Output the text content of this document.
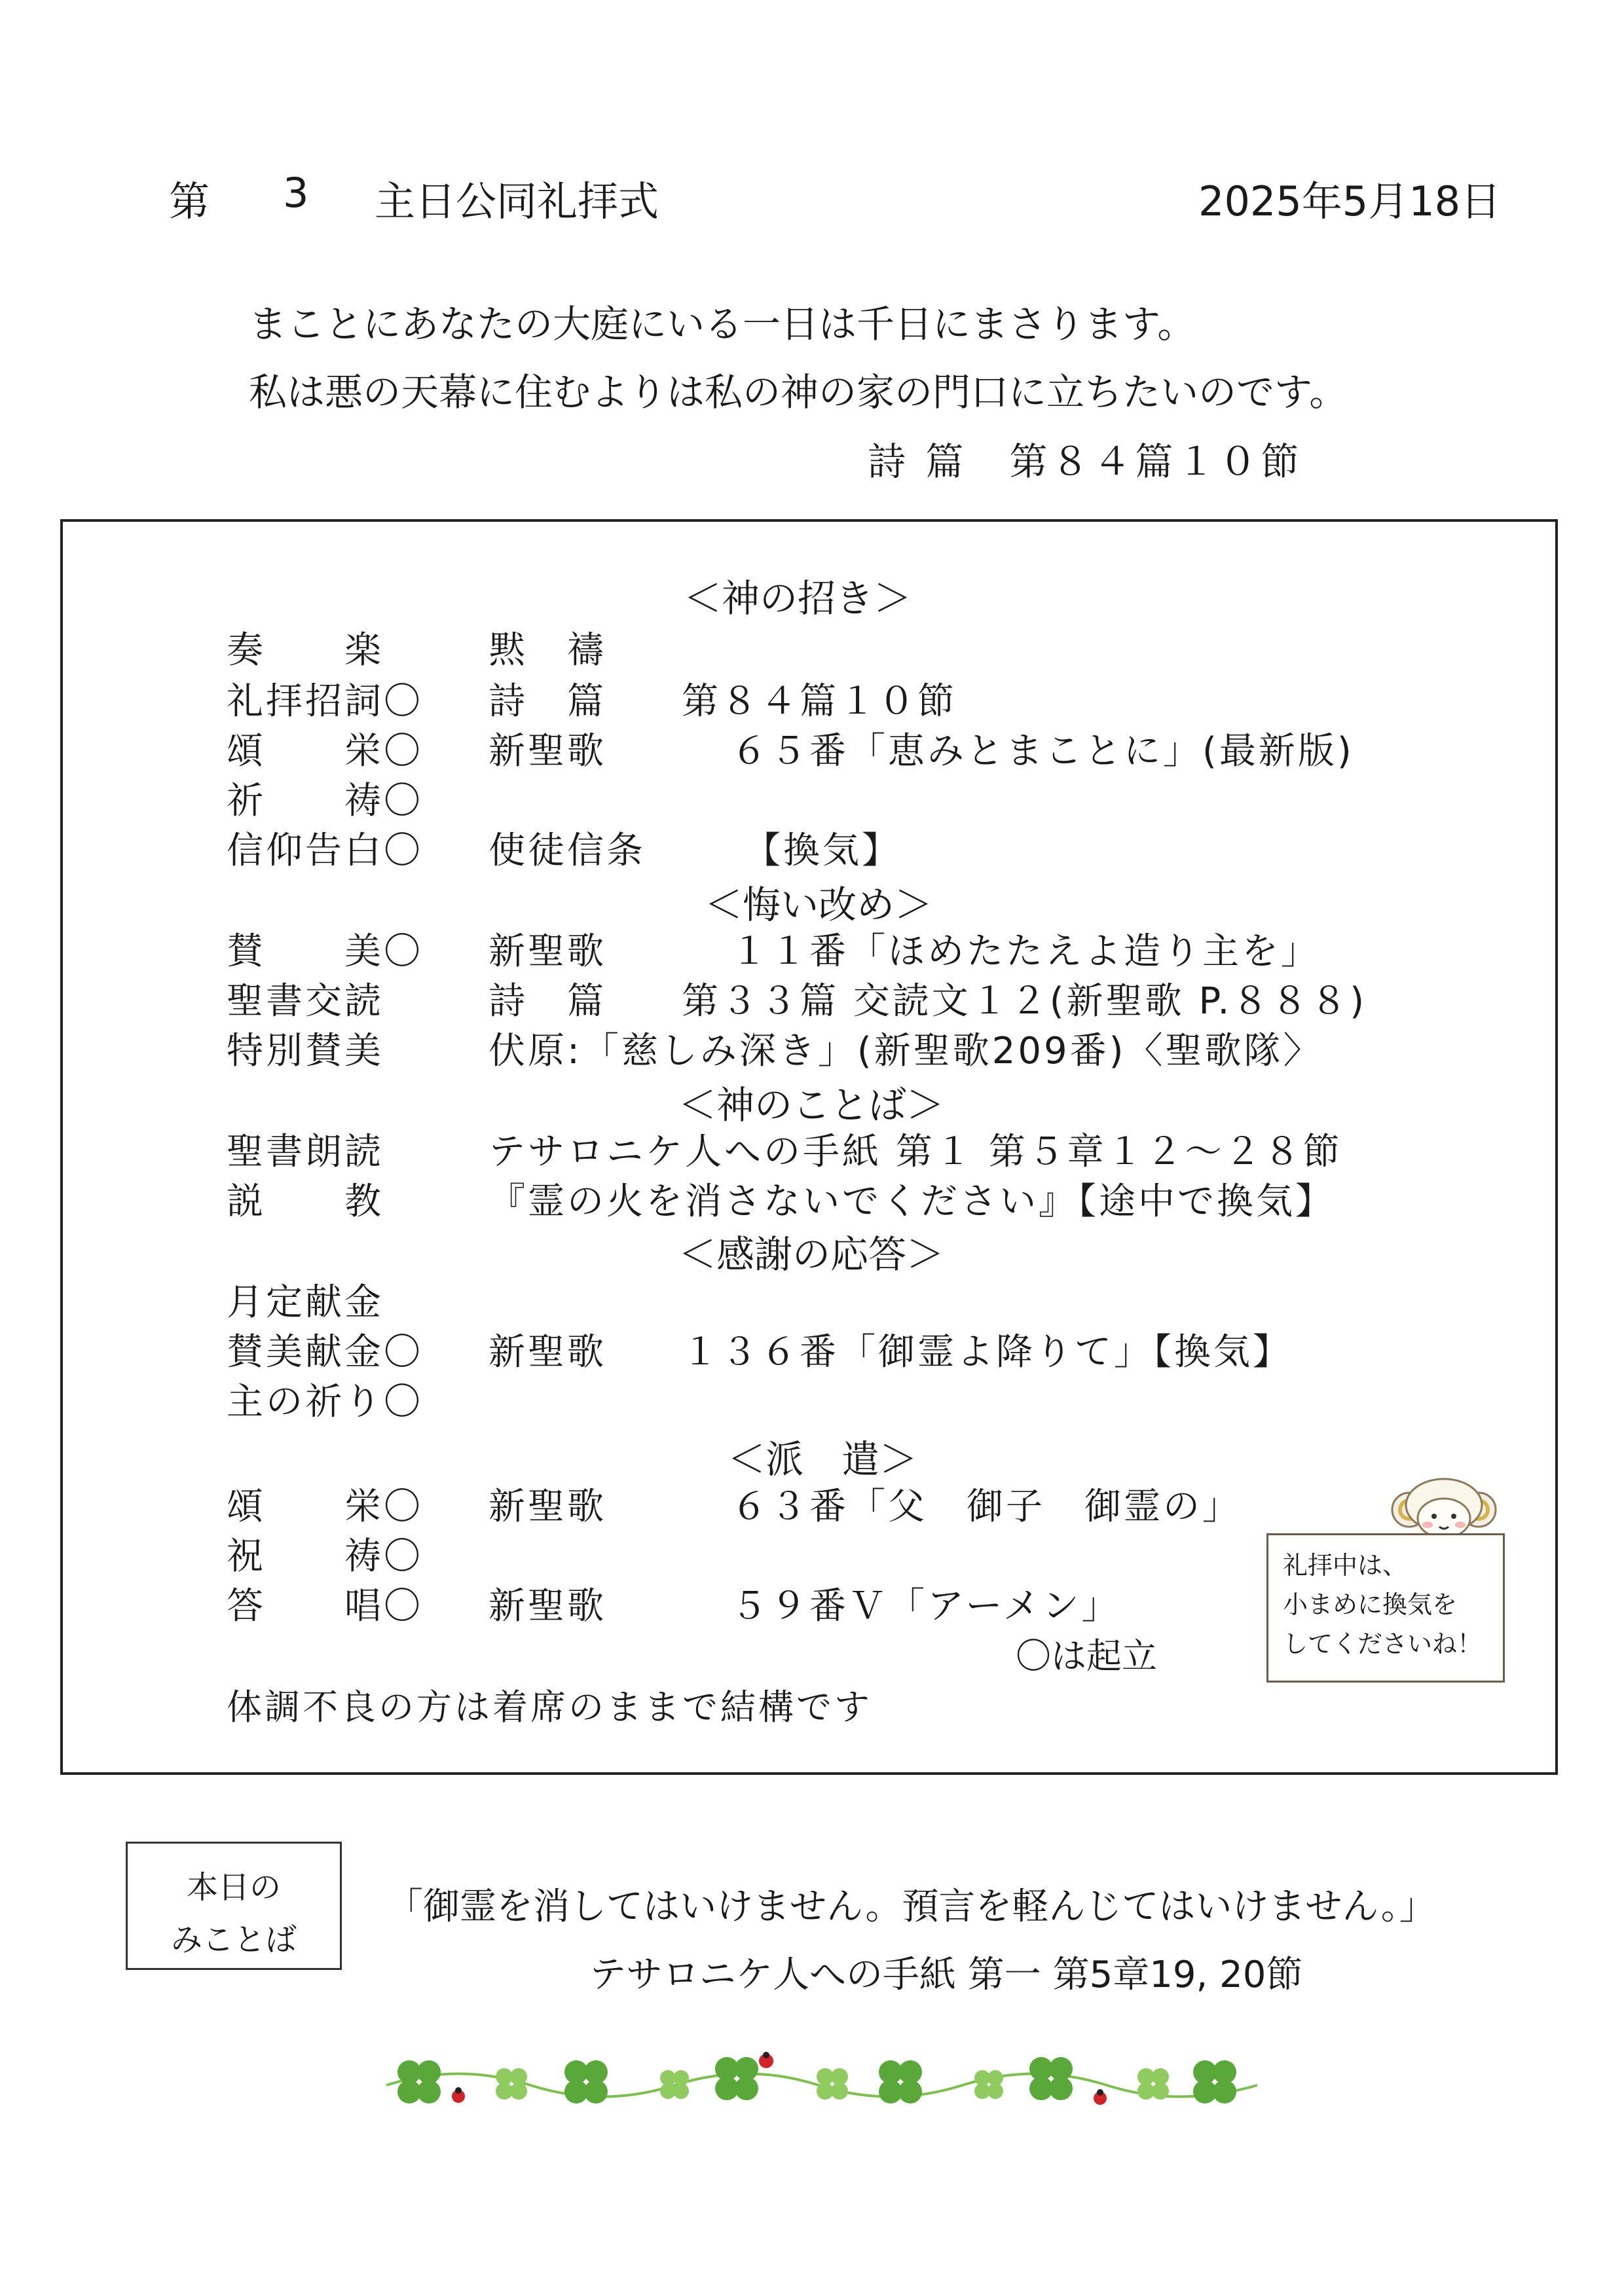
第 3 主日公同礼拝式	2025年5月18日
まことにあなたの大庭にいる一日は千日にまさります。
私は悪の天幕に住むよりは私の神の家の門口に立ちたいのです。
詩 篇　第８４篇１０節
＜神の招き＞
奏　　楽	黙　禱
礼拝招詞〇 詩　篇 第８４篇１０節
頌　　栄〇 新聖歌	６５番「恵みとまことに」(最新版)
祈　　祷〇
信仰告白〇 使徒信条	【換気】
＜悔い改め＞
賛　　美〇 新聖歌	１１番「ほめたたえよ造り主を」
聖書交読	詩　篇 第３３篇 交読文１２(新聖歌 P.８８８)
特別賛美	伏原:「慈しみ深き」(新聖歌209番)〈聖歌隊〉
＜神のことば＞
聖書朗読	テサロニケ人への手紙 第１ 第５章１２～２８節
説　　教	『霊の火を消さないでください』【途中で換気】
＜感謝の応答＞
月定献金
賛美献金〇 新聖歌 １３６番「御霊よ降りて」【換気】
主の祈り〇
＜派　遣＞
頌　　栄〇 新聖歌	６３番「父　御子　御霊の」
祝　　祷〇
答　　唱〇 新聖歌	５９番Ｖ「アーメン」
〇は起立
体調不良の方は着席のままで結構です
礼拝中は、
小まめに換気を
してくださいね！
本日の
みことば
「御霊を消してはいけません。預言を軽んじてはいけません。」
テサロニケ人への手紙 第一 第5章19, 20節
